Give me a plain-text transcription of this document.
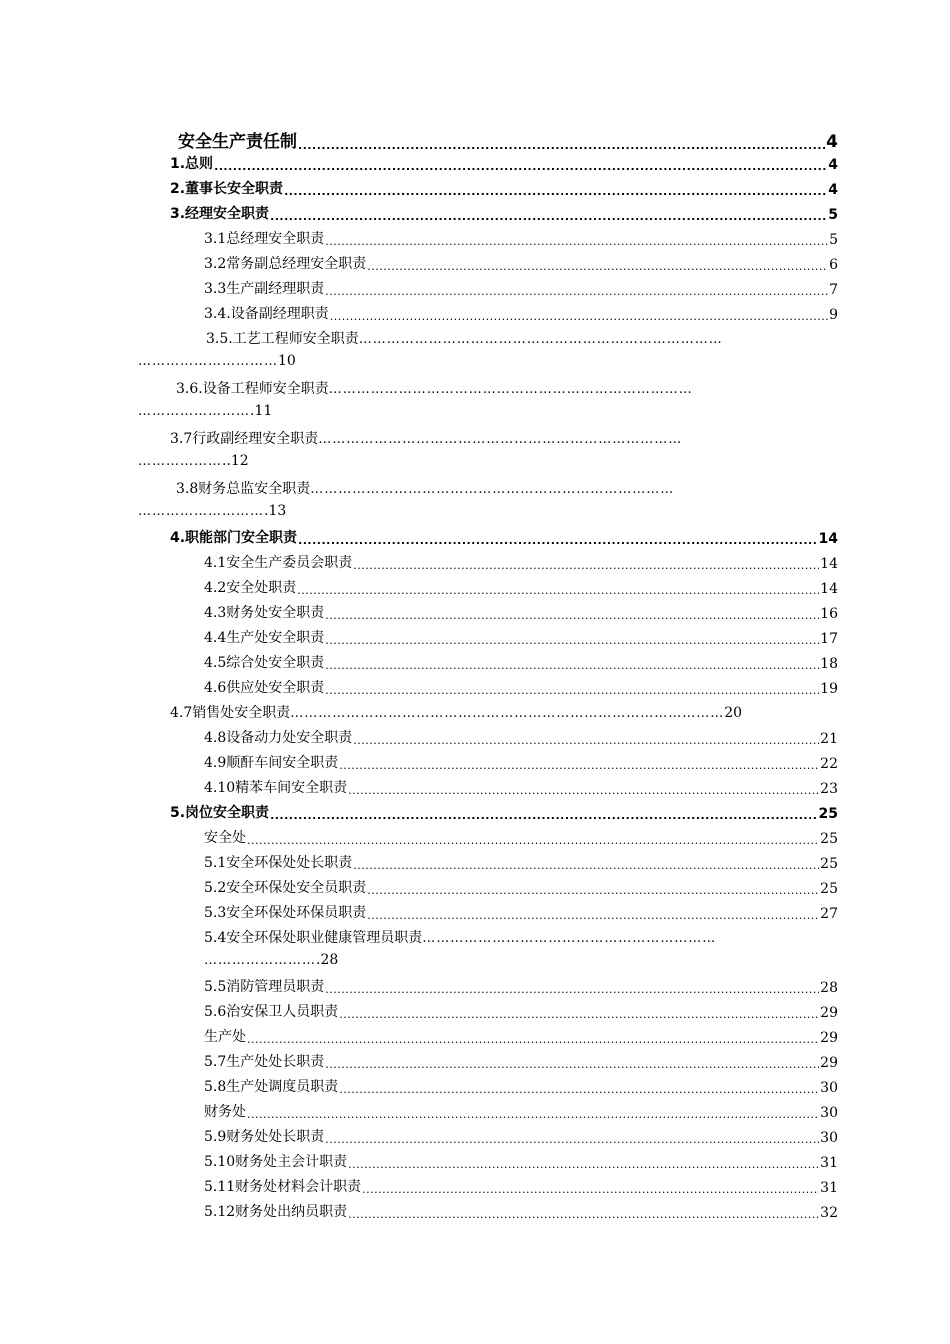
安全生产责任制 .....	4
1.总则 .....	4
2.董事长安全职责 .....	4
3.经理安全职责 .....	5
3.1总经理安全职责 .....	5
3.2常务副总经理安全职责 .....	6
3.3生产副经理职责 .....	7
3.4.设备副经理职责 .....	9
3.5.工艺工程师安全职责……………………………………………………………………
…………………………10
3.6.设备工程师安全职责……………………………………………………………………
…………………….11
3.7行政副经理安全职责……………………………………………………………………
………………..12
3.8财务总监安全职责……………………………………………………………………
……………………….13
4.职能部门安全职责 .....	14
4.1安全生产委员会职责 .....	14
4.2安全处职责 .....	14
4.3财务处安全职责 .....	16
4.4生产处安全职责 .....	17
4.5综合处安全职责 .....	18
4.6供应处安全职责 .....	19
4.7销售处安全职责…………………………………………………………………………………20
4.8设备动力处安全职责 .....	21
4.9顺酐车间安全职责 .....	22
4.10精苯车间安全职责 .....	23
5.岗位安全职责 .....	25
安全处 .....	25
5.1安全环保处处长职责 .....	25
5.2安全环保处安全员职责 .....	25
5.3安全环保处环保员职责 .....	27
5.4安全环保处职业健康管理员职责………………………………………………………
…………………….28
5.5消防管理员职责 .....	28
5.6治安保卫人员职责 .....	29
生产处 .....	29
5.7生产处处长职责 .....	29
5.8生产处调度员职责 .....	30
财务处 .....	30
5.9财务处处长职责 .....	30
5.10财务处主会计职责 .....	31
5.11财务处材料会计职责 .....	31
5.12财务处出纳员职责 .....	32
